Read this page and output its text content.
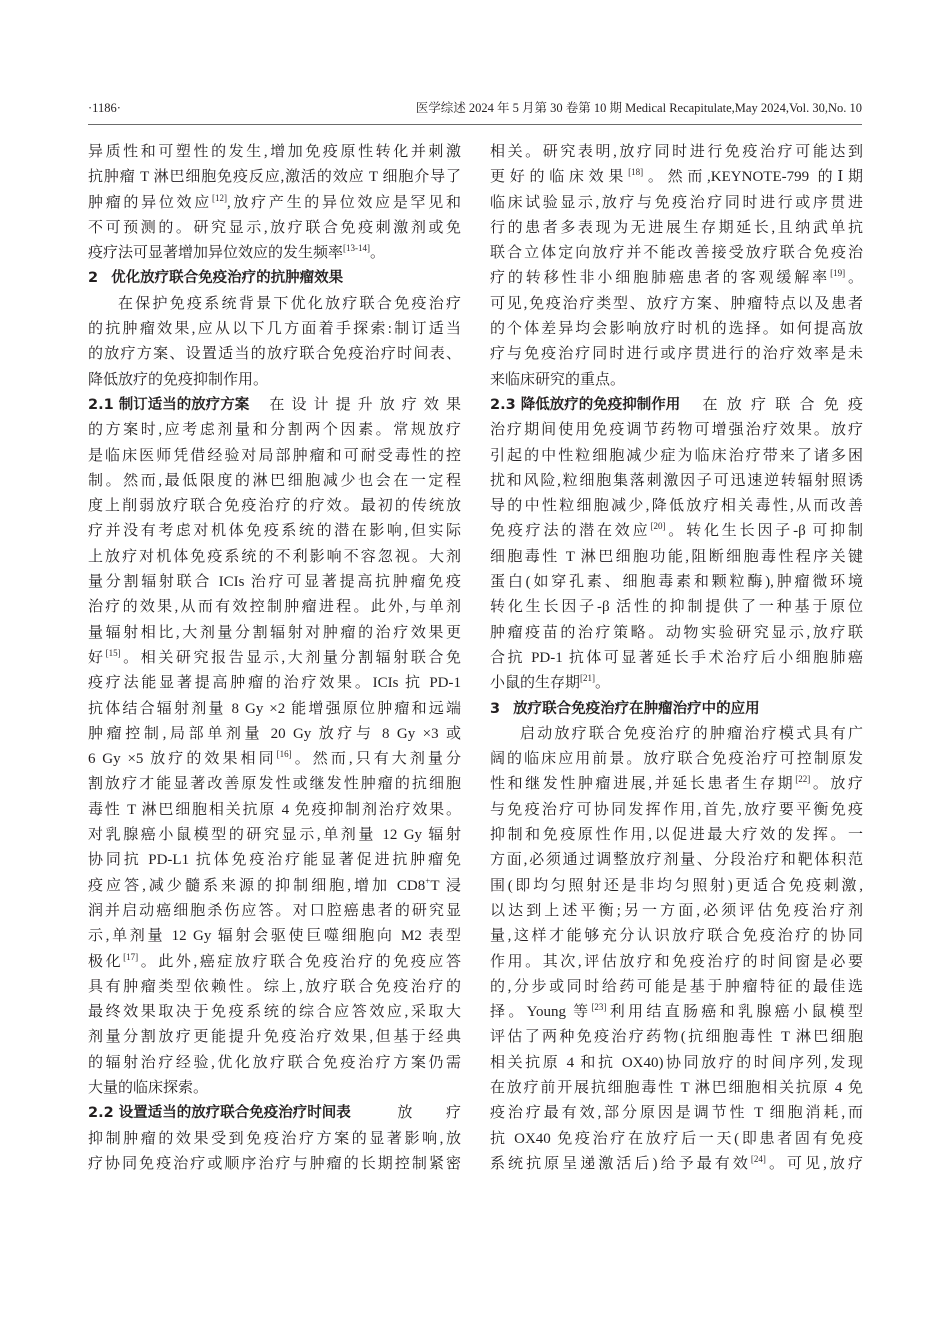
·1186·	医学综述 2024 年 5 月第 30 卷第 10 期 Medical Recapitulate,May 2024,Vol. 30,No. 10
异质性和可塑性的发生,增加免疫原性转化并刺激
抗肿瘤 T 淋巴细胞免疫反应,激活的效应 T 细胞介导了
肿瘤的异位效应[12],放疗产生的异位效应是罕见和
不可预测的。研究显示,放疗联合免疫刺激剂或免
疫疗法可显著增加异位效应的发生频率[13-14]。
2 优化放疗联合免疫治疗的抗肿瘤效果
在保护免疫系统背景下优化放疗联合免疫治疗
的抗肿瘤效果,应从以下几方面着手探索:制订适当
的放疗方案、设置适当的放疗联合免疫治疗时间表、
降低放疗的免疫抑制作用。
2.1 制订适当的放疗方案 在设计提升放疗效果
的方案时,应考虑剂量和分割两个因素。常规放疗
是临床医师凭借经验对局部肿瘤和可耐受毒性的控
制。然而,最低限度的淋巴细胞减少也会在一定程
度上削弱放疗联合免疫治疗的疗效。最初的传统放
疗并没有考虑对机体免疫系统的潜在影响,但实际
上放疗对机体免疫系统的不利影响不容忽视。大剂
量分割辐射联合 ICIs 治疗可显著提高抗肿瘤免疫
治疗的效果,从而有效控制肿瘤进程。此外,与单剂
量辐射相比,大剂量分割辐射对肿瘤的治疗效果更
好[15]。相关研究报告显示,大剂量分割辐射联合免
疫疗法能显著提高肿瘤的治疗效果。ICIs 抗 PD-1
抗体结合辐射剂量 8 Gy ×2 能增强原位肿瘤和远端
肿瘤控制,局部单剂量 20 Gy 放疗与 8 Gy ×3 或
6 Gy ×5 放疗的效果相同[16]。然而,只有大剂量分
割放疗才能显著改善原发性或继发性肿瘤的抗细胞
毒性 T 淋巴细胞相关抗原 4 免疫抑制剂治疗效果。
对乳腺癌小鼠模型的研究显示,单剂量 12 Gy 辐射
协同抗 PD-L1 抗体免疫治疗能显著促进抗肿瘤免
疫应答,减少髓系来源的抑制细胞,增加 CD8+T 浸
润并启动癌细胞杀伤应答。对口腔癌患者的研究显
示,单剂量 12 Gy 辐射会驱使巨噬细胞向 M2 表型
极化[17]。此外,癌症放疗联合免疫治疗的免疫应答
具有肿瘤类型依赖性。综上,放疗联合免疫治疗的
最终效果取决于免疫系统的综合应答效应,采取大
剂量分割放疗更能提升免疫治疗效果,但基于经典
的辐射治疗经验,优化放疗联合免疫治疗方案仍需
大量的临床探索。
2.2 设置适当的放疗联合免疫治疗时间表 放疗
抑制肿瘤的效果受到免疫治疗方案的显著影响,放
疗协同免疫治疗或顺序治疗与肿瘤的长期控制紧密
相关。研究表明,放疗同时进行免疫治疗可能达到
更好的临床效果[18]。然而,KEYNOTE-799 的Ⅰ期
临床试验显示,放疗与免疫治疗同时进行或序贯进
行的患者多表现为无进展生存期延长,且纳武单抗
联合立体定向放疗并不能改善接受放疗联合免疫治
疗的转移性非小细胞肺癌患者的客观缓解率[19]。
可见,免疫治疗类型、放疗方案、肿瘤特点以及患者
的个体差异均会影响放疗时机的选择。如何提高放
疗与免疫治疗同时进行或序贯进行的治疗效率是未
来临床研究的重点。
2.3 降低放疗的免疫抑制作用 在放疗联合免疫
治疗期间使用免疫调节药物可增强治疗效果。放疗
引起的中性粒细胞减少症为临床治疗带来了诸多困
扰和风险,粒细胞集落刺激因子可迅速逆转辐射照诱
导的中性粒细胞减少,降低放疗相关毒性,从而改善
免疫疗法的潜在效应[20]。转化生长因子-β 可抑制
细胞毒性 T 淋巴细胞功能,阻断细胞毒性程序关键
蛋白(如穿孔素、细胞毒素和颗粒酶),肿瘤微环境
转化生长因子-β 活性的抑制提供了一种基于原位
肿瘤疫苗的治疗策略。动物实验研究显示,放疗联
合抗 PD-1 抗体可显著延长手术治疗后小细胞肺癌
小鼠的生存期[21]。
3 放疗联合免疫治疗在肿瘤治疗中的应用
启动放疗联合免疫治疗的肿瘤治疗模式具有广
阔的临床应用前景。放疗联合免疫治疗可控制原发
性和继发性肿瘤进展,并延长患者生存期[22]。放疗
与免疫治疗可协同发挥作用,首先,放疗要平衡免疫
抑制和免疫原性作用,以促进最大疗效的发挥。一
方面,必须通过调整放疗剂量、分段治疗和靶体积范
围(即均匀照射还是非均匀照射)更适合免疫刺激,
以达到上述平衡;另一方面,必须评估免疫治疗剂
量,这样才能够充分认识放疗联合免疫治疗的协同
作用。其次,评估放疗和免疫治疗的时间窗是必要
的,分步或同时给药可能是基于肿瘤特征的最佳选
择。Young 等[23]利用结直肠癌和乳腺癌小鼠模型
评估了两种免疫治疗药物(抗细胞毒性 T 淋巴细胞
相关抗原 4 和抗 OX40)协同放疗的时间序列,发现
在放疗前开展抗细胞毒性 T 淋巴细胞相关抗原 4 免
疫治疗最有效,部分原因是调节性 T 细胞消耗,而
抗 OX40 免疫治疗在放疗后一天(即患者固有免疫
系统抗原呈递激活后)给予最有效[24]。可见,放疗
